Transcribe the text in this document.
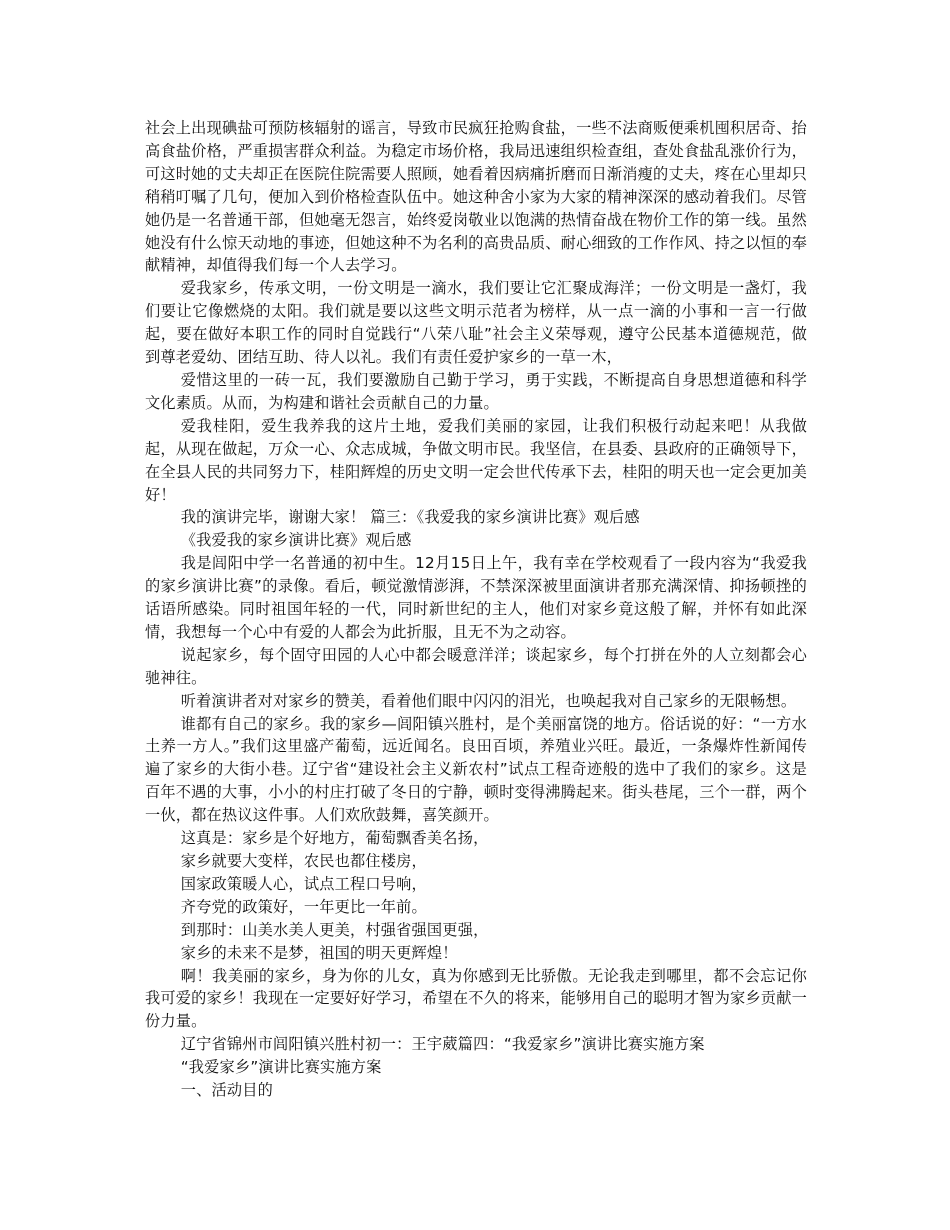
社会上出现碘盐可预防核辐射的谣言，导致市民疯狂抢购食盐，一些不法商贩便乘机囤积居奇、抬高食盐价格，严重损害群众利益。为稳定市场价格，我局迅速组织检查组，查处食盐乱涨价行为，可这时她的丈夫却正在医院住院需要人照顾，她看着因病痛折磨而日渐消瘦的丈夫，疼在心里却只稍稍叮嘱了几句，便加入到价格检查队伍中。她这种舍小家为大家的精神深深的感动着我们。尽管她仍是一名普通干部，但她毫无怨言，始终爱岗敬业以饱满的热情奋战在物价工作的第一线。虽然她没有什么惊天动地的事迹，但她这种不为名利的高贵品质、耐心细致的工作作风、持之以恒的奉献精神，却值得我们每一个人去学习。

爱我家乡，传承文明，一份文明是一滴水，我们要让它汇聚成海洋；一份文明是一盏灯，我们要让它像燃烧的太阳。我们就是要以这些文明示范者为榜样，从一点一滴的小事和一言一行做起，要在做好本职工作的同时自觉践行“八荣八耻”社会主义荣辱观，遵守公民基本道德规范，做到尊老爱幼、团结互助、待人以礼。我们有责任爱护家乡的一草一木，

爱惜这里的一砖一瓦，我们要激励自己勤于学习，勇于实践，不断提高自身思想道德和科学文化素质。从而，为构建和谐社会贡献自己的力量。

爱我桂阳，爱生我养我的这片土地，爱我们美丽的家园，让我们积极行动起来吧！从我做起，从现在做起，万众一心、众志成城，争做文明市民。我坚信，在县委、县政府的正确领导下，在全县人民的共同努力下，桂阳辉煌的历史文明一定会世代传承下去，桂阳的明天也一定会更加美好！

我的演讲完毕，谢谢大家！ 篇三：《我爱我的家乡演讲比赛》观后感

《我爱我的家乡演讲比赛》观后感

我是闾阳中学一名普通的初中生。12月15日上午，我有幸在学校观看了一段内容为“我爱我的家乡演讲比赛”的录像。看后，顿觉激情澎湃，不禁深深被里面演讲者那充满深情、抑扬顿挫的话语所感染。同时祖国年轻的一代，同时新世纪的主人，他们对家乡竟这般了解，并怀有如此深情，我想每一个心中有爱的人都会为此折服，且无不为之动容。

说起家乡，每个固守田园的人心中都会暖意洋洋；谈起家乡，每个打拼在外的人立刻都会心驰神往。

听着演讲者对对家乡的赞美，看着他们眼中闪闪的泪光，也唤起我对自己家乡的无限畅想。

谁都有自己的家乡。我的家乡—闾阳镇兴胜村，是个美丽富饶的地方。俗话说的好：“一方水土养一方人。”我们这里盛产葡萄，远近闻名。良田百顷，养殖业兴旺。最近，一条爆炸性新闻传遍了家乡的大街小巷。辽宁省“建设社会主义新农村”试点工程奇迹般的选中了我们的家乡。这是百年不遇的大事，小小的村庄打破了冬日的宁静，顿时变得沸腾起来。街头巷尾，三个一群，两个一伙，都在热议这件事。人们欢欣鼓舞，喜笑颜开。

这真是：家乡是个好地方，葡萄飘香美名扬，

家乡就要大变样，农民也都住楼房，

国家政策暖人心，试点工程口号响，

齐夸党的政策好，一年更比一年前。

到那时：山美水美人更美，村强省强国更强，

家乡的未来不是梦，祖国的明天更辉煌！

啊！我美丽的家乡，身为你的儿女，真为你感到无比骄傲。无论我走到哪里，都不会忘记你我可爱的家乡！我现在一定要好好学习，希望在不久的将来，能够用自己的聪明才智为家乡贡献一份力量。

辽宁省锦州市闾阳镇兴胜村初一：王宇葳篇四：“我爱家乡”演讲比赛实施方案

“我爱家乡”演讲比赛实施方案

一、活动目的
